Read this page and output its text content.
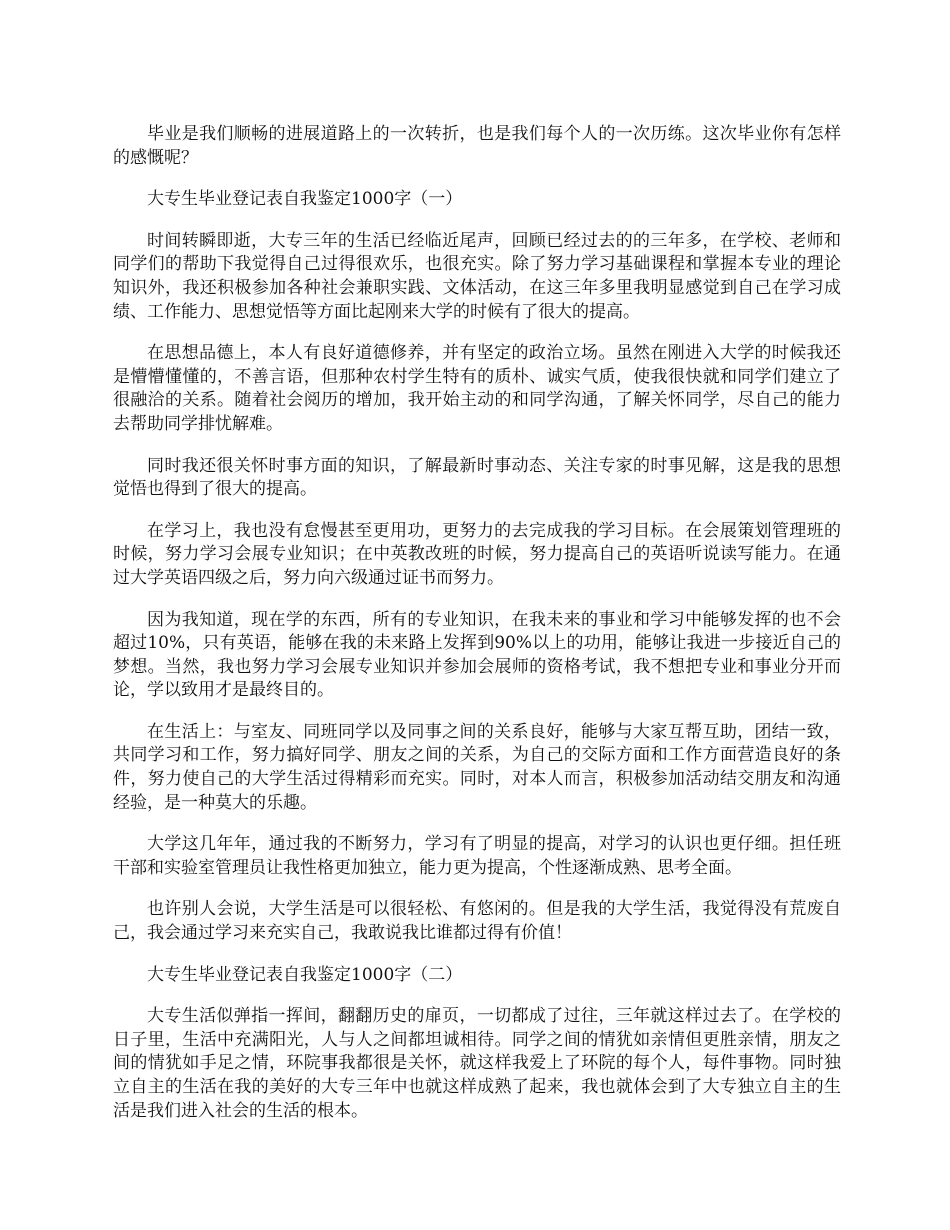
毕业是我们顺畅的进展道路上的一次转折，也是我们每个人的一次历练。这次毕业你有怎样的感慨呢？

大专生毕业登记表自我鉴定1000字（一）

时间转瞬即逝，大专三年的生活已经临近尾声，回顾已经过去的的三年多，在学校、老师和同学们的帮助下我觉得自己过得很欢乐，也很充实。除了努力学习基础课程和掌握本专业的理论知识外，我还积极参加各种社会兼职实践、文体活动，在这三年多里我明显感觉到自己在学习成绩、工作能力、思想觉悟等方面比起刚来大学的时候有了很大的提高。

在思想品德上，本人有良好道德修养，并有坚定的政治立场。虽然在刚进入大学的时候我还是懵懵懂懂的，不善言语，但那种农村学生特有的质朴、诚实气质，使我很快就和同学们建立了很融洽的关系。随着社会阅历的增加，我开始主动的和同学沟通，了解关怀同学，尽自己的能力去帮助同学排忧解难。

同时我还很关怀时事方面的知识，了解最新时事动态、关注专家的时事见解，这是我的思想觉悟也得到了很大的提高。

在学习上，我也没有怠慢甚至更用功，更努力的去完成我的学习目标。在会展策划管理班的时候，努力学习会展专业知识；在中英教改班的时候，努力提高自己的英语听说读写能力。在通过大学英语四级之后，努力向六级通过证书而努力。

因为我知道，现在学的东西，所有的专业知识，在我未来的事业和学习中能够发挥的也不会超过10%，只有英语，能够在我的未来路上发挥到90%以上的功用，能够让我进一步接近自己的梦想。当然，我也努力学习会展专业知识并参加会展师的资格考试，我不想把专业和事业分开而论，学以致用才是最终目的。

在生活上：与室友、同班同学以及同事之间的关系良好，能够与大家互帮互助，团结一致，共同学习和工作，努力搞好同学、朋友之间的关系，为自己的交际方面和工作方面营造良好的条件，努力使自己的大学生活过得精彩而充实。同时，对本人而言，积极参加活动结交朋友和沟通经验，是一种莫大的乐趣。

大学这几年年，通过我的不断努力，学习有了明显的提高，对学习的认识也更仔细。担任班干部和实验室管理员让我性格更加独立，能力更为提高，个性逐渐成熟、思考全面。

也许别人会说，大学生活是可以很轻松、有悠闲的。但是我的大学生活，我觉得没有荒废自己，我会通过学习来充实自己，我敢说我比谁都过得有价值！

大专生毕业登记表自我鉴定1000字（二）

大专生活似弹指一挥间，翻翻历史的扉页，一切都成了过往，三年就这样过去了。在学校的日子里，生活中充满阳光，人与人之间都坦诚相待。同学之间的情犹如亲情但更胜亲情，朋友之间的情犹如手足之情，环院事我都很是关怀，就这样我爱上了环院的每个人，每件事物。同时独立自主的生活在我的美好的大专三年中也就这样成熟了起来，我也就体会到了大专独立自主的生活是我们进入社会的生活的根本。
